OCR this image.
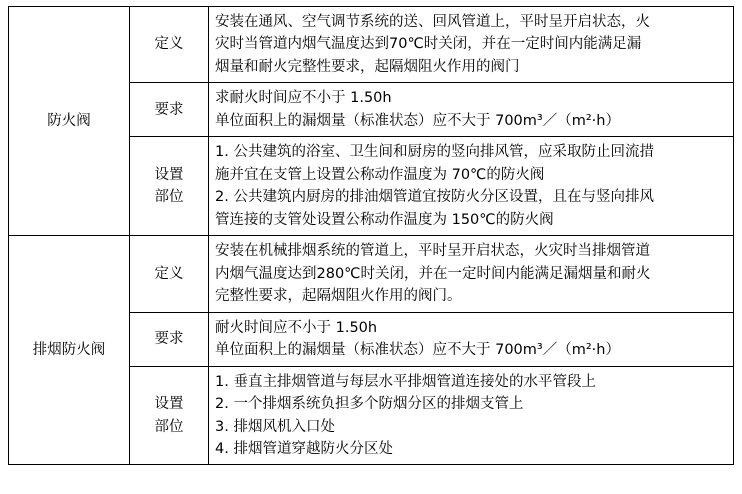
防火阀	定义	安装在通风、空气调节系统的送、回风管道上，平时呈开启状态，火
灾时当管道内烟气温度达到70℃时关闭，并在一定时间内能满足漏
烟量和耐火完整性要求，起隔烟阻火作用的阀门

	要求	求耐火时间应不小于 1.50h
单位面积上的漏烟量（标准状态）应不大于 700m³／（m²·h）

	设置
部位	1. 公共建筑的浴室、卫生间和厨房的竖向排风管，应采取防止回流措
施并宜在支管上设置公称动作温度为 70℃的防火阀
2. 公共建筑内厨房的排油烟管道宜按防火分区设置，且在与竖向排风
管连接的支管处设置公称动作温度为 150℃的防火阀

排烟防火阀	定义	安装在机械排烟系统的管道上，平时呈开启状态，火灾时当排烟管道
内烟气温度达到280℃时关闭，并在一定时间内能满足漏烟量和耐火
完整性要求，起隔烟阻火作用的阀门。

	要求	耐火时间应不小于 1.50h
单位面积上的漏烟量（标准状态）应不大于 700m³／（m²·h）

	设置
部位	1. 垂直主排烟管道与每层水平排烟管道连接处的水平管段上
2. 一个排烟系统负担多个防烟分区的排烟支管上
3. 排烟风机入口处
4. 排烟管道穿越防火分区处
